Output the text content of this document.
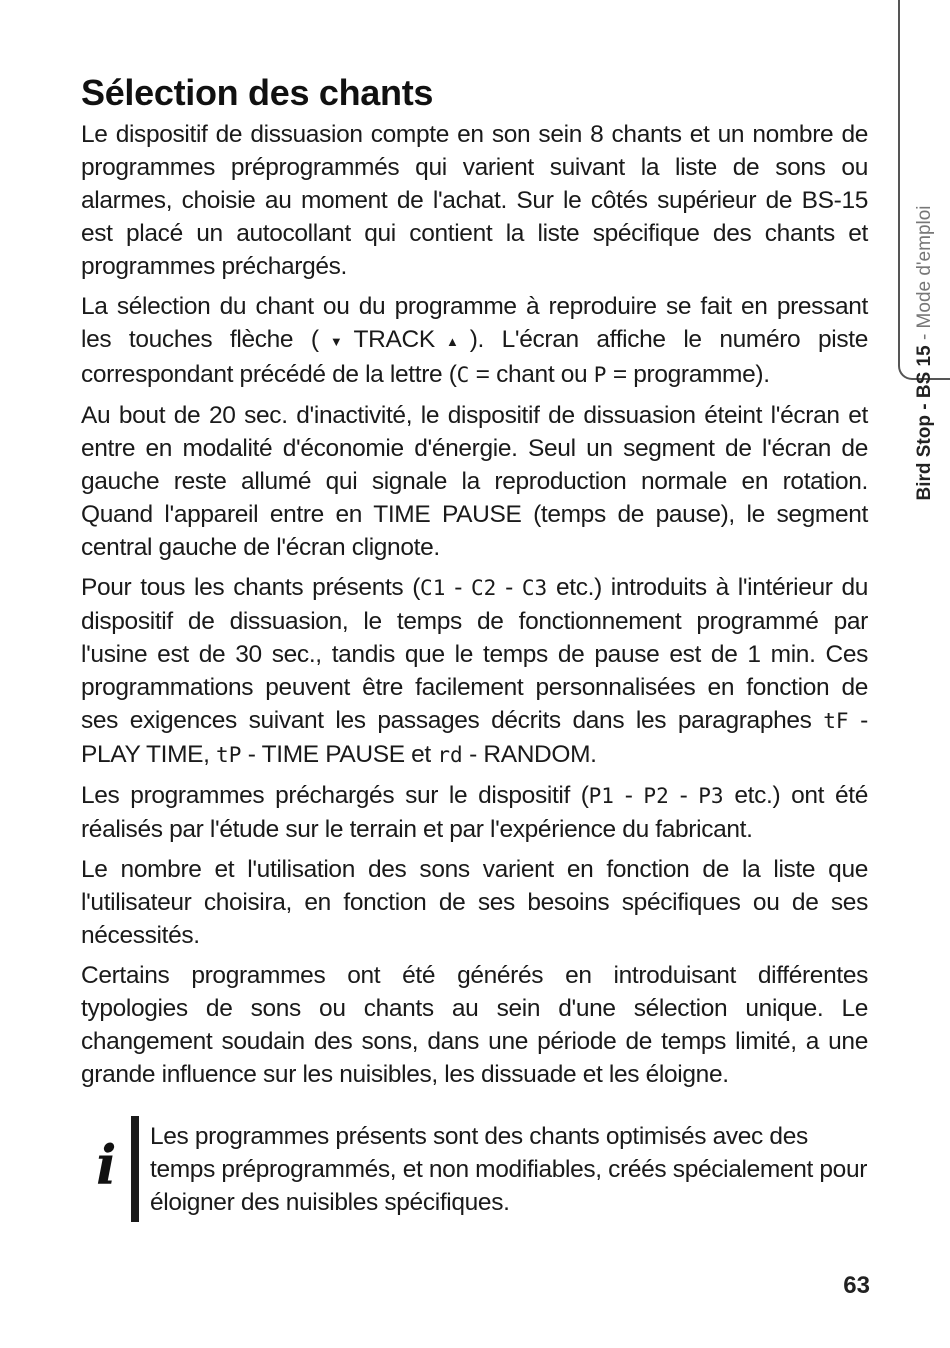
Bird Stop - BS 15 - Mode d'emploi
Sélection des chants

Le dispositif de dissuasion compte en son sein 8 chants et un nombre de programmes préprogrammés qui varient suivant la liste de sons ou alarmes, choisie au moment de l'achat. Sur le côtés supérieur de BS-15 est placé un autocollant qui contient la liste spécifique des chants et programmes préchargés.

La sélection du chant ou du programme à reproduire se fait en pressant les touches flèche (▼TRACK▲). L'écran affiche le numéro piste correspondant précédé de la lettre (C = chant ou P = programme).

Au bout de 20 sec. d'inactivité, le dispositif de dissuasion éteint l'écran et entre en modalité d'économie d'énergie. Seul un segment de l'écran de gauche reste allumé qui signale la reproduction normale en rotation. Quand l'appareil entre en TIME PAUSE (temps de pause), le segment central gauche de l'écran clignote.

Pour tous les chants présents (C1 - C2 - C3 etc.) introduits à l'intérieur du dispositif de dissuasion, le temps de fonctionnement programmé par l'usine est de 30 sec., tandis que le temps de pause est de 1 min. Ces programmations peuvent être facilement personnalisées en fonction de ses exigences suivant les passages décrits dans les paragraphes tF - PLAY TIME, tP - TIME PAUSE et rd - RANDOM.

Les programmes préchargés sur le dispositif (P1 - P2 - P3 etc.) ont été réalisés par l'étude sur le terrain et par l'expérience du fabricant.

Le nombre et l'utilisation des sons varient en fonction de la liste que l'utilisateur choisira, en fonction de ses besoins spécifiques ou de ses nécessités.

Certains programmes ont été générés en introduisant différentes typologies de sons ou chants au sein d'une sélection unique. Le changement soudain des sons, dans une période de temps limité, a une grande influence sur les nuisibles, les dissuade et les éloigne.

i	Les programmes présents sont des chants optimisés avec des temps préprogrammés, et non modifiables, créés spécialement pour éloigner des nuisibles spécifiques.
63
